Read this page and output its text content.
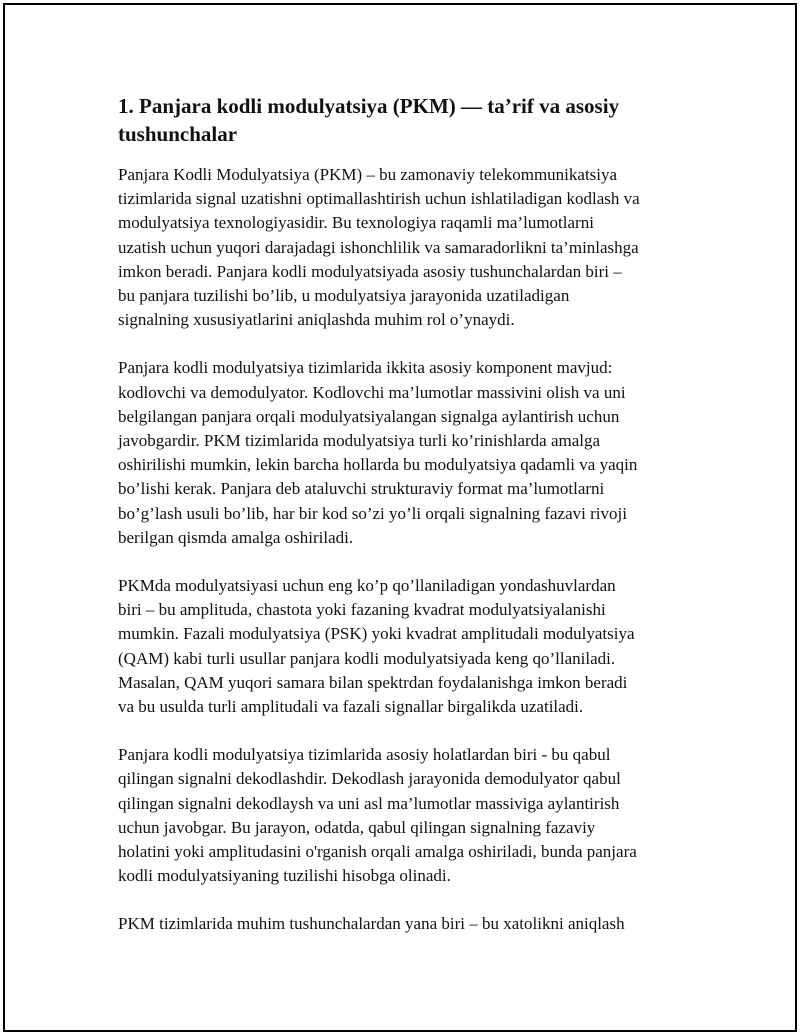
1. Panjara kodli modulyatsiya (PKM) — ta’rif va asosiy
tushunchalar

Panjara Kodli Modulyatsiya (PKM) – bu zamonaviy telekommunikatsiya
tizimlarida signal uzatishni optimallashtirish uchun ishlatiladigan kodlash va
modulyatsiya texnologiyasidir. Bu texnologiya raqamli ma’lumotlarni
uzatish uchun yuqori darajadagi ishonchlilik va samaradorlikni ta’minlashga
imkon beradi. Panjara kodli modulyatsiyada asosiy tushunchalardan biri –
bu panjara tuzilishi bo’lib, u modulyatsiya jarayonida uzatiladigan
signalning xususiyatlarini aniqlashda muhim rol o’ynaydi.

Panjara kodli modulyatsiya tizimlarida ikkita asosiy komponent mavjud:
kodlovchi va demodulyator. Kodlovchi ma’lumotlar massivini olish va uni
belgilangan panjara orqali modulyatsiyalangan signalga aylantirish uchun
javobgardir. PKM tizimlarida modulyatsiya turli ko’rinishlarda amalga
oshirilishi mumkin, lekin barcha hollarda bu modulyatsiya qadamli va yaqin
bo’lishi kerak. Panjara deb ataluvchi strukturaviy format ma’lumotlarni
bo’g’lash usuli bo’lib, har bir kod so’zi yo’li orqali signalning fazavi rivoji
berilgan qismda amalga oshiriladi.

PKMda modulyatsiyasi uchun eng ko’p qo’llaniladigan yondashuvlardan
biri – bu amplituda, chastota yoki fazaning kvadrat modulyatsiyalanishi
mumkin. Fazali modulyatsiya (PSK) yoki kvadrat amplitudali modulyatsiya
(QAM) kabi turli usullar panjara kodli modulyatsiyada keng qo’llaniladi.
Masalan, QAM yuqori samara bilan spektrdan foydalanishga imkon beradi
va bu usulda turli amplitudali va fazali signallar birgalikda uzatiladi.

Panjara kodli modulyatsiya tizimlarida asosiy holatlardan biri - bu qabul
qilingan signalni dekodlashdir. Dekodlash jarayonida demodulyator qabul
qilingan signalni dekodlaysh va uni asl ma’lumotlar massiviga aylantirish
uchun javobgar. Bu jarayon, odatda, qabul qilingan signalning fazaviy
holatini yoki amplitudasini o'rganish orqali amalga oshiriladi, bunda panjara
kodli modulyatsiyaning tuzilishi hisobga olinadi.

PKM tizimlarida muhim tushunchalardan yana biri – bu xatolikni aniqlash
